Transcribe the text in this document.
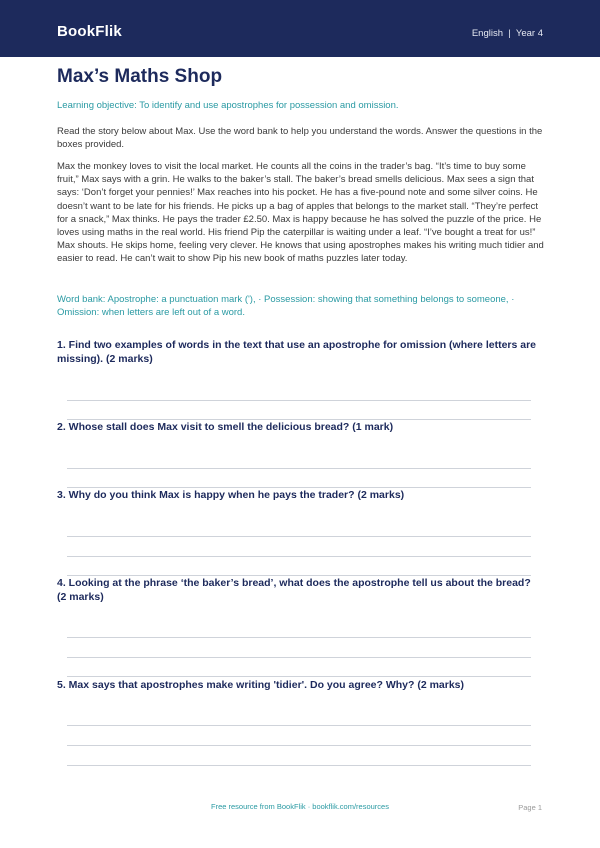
BookFlik	English | Year 4
Max’s Maths Shop

Learning objective: To identify and use apostrophes for possession and omission.

Read the story below about Max. Use the word bank to help you understand the words. Answer the questions in the boxes provided.

Max the monkey loves to visit the local market. He counts all the coins in the trader’s bag. “It’s time to buy some fruit,” Max says with a grin. He walks to the baker’s stall. The baker’s bread smells delicious. Max sees a sign that says: ‘Don’t forget your pennies!’ Max reaches into his pocket. He has a five-pound note and some silver coins. He doesn’t want to be late for his friends. He picks up a bag of apples that belongs to the market stall. “They’re perfect for a snack,” Max thinks. He pays the trader £2.50. Max is happy because he has solved the puzzle of the price. He loves using maths in the real world. His friend Pip the caterpillar is waiting under a leaf. “I’ve bought a treat for us!” Max shouts. He skips home, feeling very clever. He knows that using apostrophes makes his writing much tidier and easier to read. He can’t wait to show Pip his new book of maths puzzles later today.

Word bank: Apostrophe: a punctuation mark ('), · Possession: showing that something belongs to someone, · Omission: when letters are left out of a word.

1. Find two examples of words in the text that use an apostrophe for omission (where letters are missing). (2 marks)

2. Whose stall does Max visit to smell the delicious bread? (1 mark)

3. Why do you think Max is happy when he pays the trader? (2 marks)

4. Looking at the phrase ‘the baker’s bread’, what does the apostrophe tell us about the bread? (2 marks)

5. Max says that apostrophes make writing 'tidier'. Do you agree? Why? (2 marks)

Free resource from BookFlik · bookflik.com/resources	Page 1
